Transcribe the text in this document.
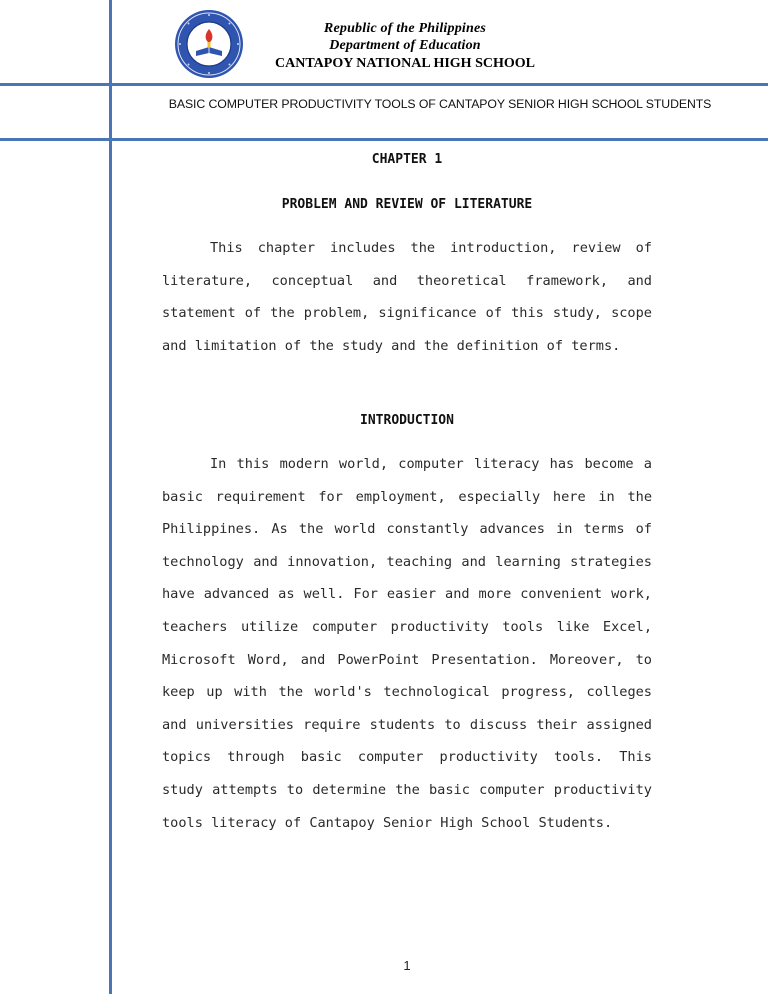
Republic of the Philippines
Department of Education
CANTAPOY NATIONAL HIGH SCHOOL
BASIC COMPUTER PRODUCTIVITY TOOLS OF CANTAPOY SENIOR HIGH SCHOOL STUDENTS
CHAPTER 1
PROBLEM AND REVIEW OF LITERATURE
This chapter includes the introduction, review of literature, conceptual and theoretical framework, and statement of the problem, significance of this study, scope and limitation of the study and the definition of terms.
INTRODUCTION
In this modern world, computer literacy has become a basic requirement for employment, especially here in the Philippines. As the world constantly advances in terms of technology and innovation, teaching and learning strategies have advanced as well. For easier and more convenient work, teachers utilize computer productivity tools like Excel, Microsoft Word, and PowerPoint Presentation. Moreover, to keep up with the world's technological progress, colleges and universities require students to discuss their assigned topics through basic computer productivity tools. This study attempts to determine the basic computer productivity tools literacy of Cantapoy Senior High School Students.
1
